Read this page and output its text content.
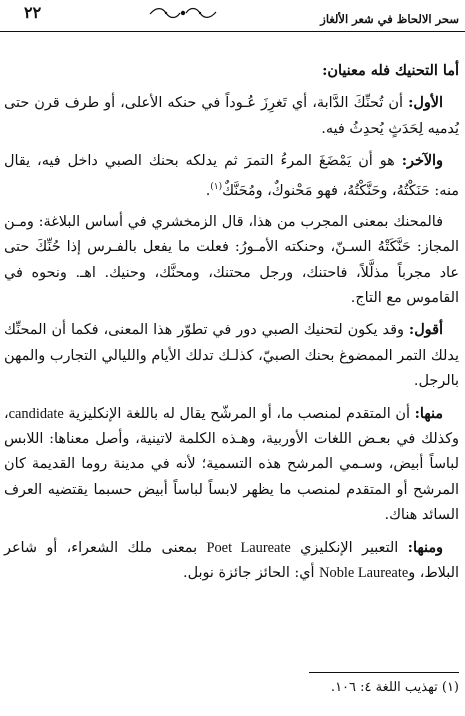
٢٢	سحر الالحاظ في شعر الألغاز

أما التحنيك فله معنيان:

الأول: أن تُحنِّكَ الدَّابة، أي تَغرِزَ عُـوداً في حنكه الأعلى، أو طرف قرن حتى يُدميه لِحَدَثٍ يُحدِثُ فيه.

والآخر: هو أن يَمْضَغَ المرءُ التمرَ ثم يدلكه بحنك الصبي داخل فيه، يقال منه: حَنَكْتُهُ، وحَنَّكْتُهُ، فهو مَحْنوكٌ، ومُحَنَّكٌ$^{(١)}$.

فالمحنك بمعنى المجرب من هذا، قال الزمخشري في أساس البلاغة: ومـن المجاز: حَنَّكَتْهُ السـنّ، وحنكته الأمـورُ: فعلت ما يفعل بالفـرس إذا حُنِّكَ حتى عاد مجرباً مذلَّلاً، فاحتنك، ورجل محتنك، ومحنَّك، وحنيك. اهـ. ونحوه في القاموس مع التاج.

أقول: وقد يكون لتحنيك الصبي دور في تطوّر هذا المعنى، فكما أن المحنِّك يدلك التمر الممضوغ بحنك الصبيّ، كذلـك تدلك الأيام والليالي التجارب والمهن بالرجل.

منها: أن المتقدم لمنصب ما، أو المرشّح يقال له باللغة الإنكليزية candidate، وكذلك في بعـض اللغات الأوربية، وهـذه الكلمة لاتينية، وأصل معناها: اللابس لباساً أبيض، وسـمي المرشح هذه التسمية؛ لأنه في مدينة روما القديمة كان المرشح أو المتقدم لمنصب ما يظهر لابساً لباساً أبيض حسبما يقتضيه العرف السائد هناك.

ومنها: التعبير الإنكليزي Poet Laureate بمعنى ملك الشعراء، أو شاعر البلاط، وNoble Laureate أي: الحائز جائزة نوبل.

(١) تهذيب اللغة ٤: ١٠٦.
